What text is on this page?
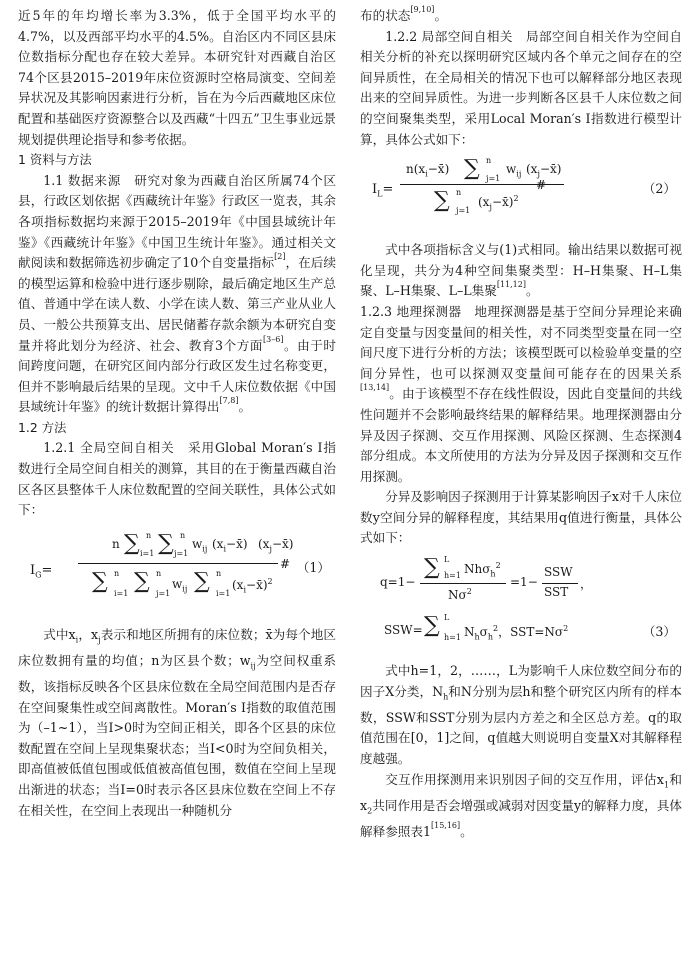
近5年的年均增长率为3.3%，低于全国平均水平的4.7%，以及西部平均水平的4.5%。自治区内不同区县床位数指标分配也存在较大差异。本研究针对西藏自治区74个区县2015–2019年床位资源时空格局演变、空间差异状况及其影响因素进行分析，旨在为今后西藏地区床位配置和基础医疗资源整合以及西藏“十四五”卫生事业远景规划提供理论指导和参考依据。

1 资料与方法

1.1 数据来源　研究对象为西藏自治区所属74个区县，行政区划依据《西藏统计年鉴》行政区一览表，其余各项指标数据均来源于2015–2019年《中国县域统计年鉴》《西藏统计年鉴》《中国卫生统计年鉴》。通过相关文献阅读和数据筛选初步确定了10个自变量指标[2]，在后续的模型运算和检验中进行逐步剔除，最后确定地区生产总值、普通中学在读人数、小学在读人数、第三产业从业人员、一般公共预算支出、居民储蓄存款余额为本研究自变量并将此划分为经济、社会、教育3个方面[3–6]。由于时间跨度问题，在研究区间内部分行政区发生过名称变更，但并不影响最后结果的呈现。文中千人床位数依据《中国县域统计年鉴》的统计数据计算得出[7,8]。

1.2 方法

1.2.1 全局空间自相关　采用Global Moran′s I指数进行全局空间自相关的测算，其目的在于衡量西藏自治区各区县整体千人床位数配置的空间关联性，具体公式如下：

$I_G=$
n ∑ n
i=1 ∑ n
j=1
$w_{ij}$ $(x_i-x̄)$ $(x_j-x̄)$
#
∑ n
i=1 ∑ n
j=1
$w_{ij}$ ∑ n
i=1
$(x_i-x̄)^2$
（1）

式中$x_i$，$x_j$表示和地区所拥有的床位数；x̄为每个地区床位数拥有量的均值；n为区县个数；$w_{ij}$为空间权重系数，该指标反映各个区县床位数在全局空间范围内是否存在空间聚集性或空间离散性。Moran′s I指数的取值范围为（–1~1），当I>0时为空间正相关，即各个区县的床位数配置在空间上呈现集聚状态；当I<0时为空间负相关，即高值被低值包围或低值被高值包围，数值在空间上呈现出渐进的状态；当I=0时表示各区县床位数在空间上不存在相关性，在空间上表现出一种随机分

布的状态[9,10]。

1.2.2 局部空间自相关　局部空间自相关作为空间自相关分析的补充以探明研究区域内各个单元之间存在的空间异质性，在全局相关的情况下也可以解释部分地区表现出来的空间异质性。为进一步判断各区县千人床位数之间的空间聚集类型，采用Local Moran′s I指数进行模型计算，具体公式如下：

$I_L=$
$n(x_i-x̄)$ ∑ n
j=1
$w_{ij}$ $(x_j-x̄)$
#
∑ n
j=1
$(x_j-x̄)^2$
（2）

式中各项指标含义与(1)式相同。输出结果以数据可视化呈现，共分为4种空间集聚类型：H–H集聚、H–L集聚、L–H集聚、L–L集聚[11,12]。

1.2.3 地理探测器　地理探测器是基于空间分异理论来确定自变量与因变量间的相关性，对不同类型变量在同一空间尺度下进行分析的方法；该模型既可以检验单变量的空间分异性，也可以探测双变量间可能存在的因果关系[13,14]。由于该模型不存在线性假设，因此自变量间的共线性问题并不会影响最终结果的解释结果。地理探测器由分异及因子探测、交互作用探测、风险区探测、生态探测4部分组成。本文所使用的方法为分异及因子探测和交互作用探测。

分异及影响因子探测用于计算某影响因子x对千人床位数y空间分异的解释程度，其结果用q值进行衡量，具体公式如下：

q=1−
∑ L
h=1 Nhσ$_h^2$
$N\sigma^2$
=1−
SSW
SST
，
SSW= ∑ L
h=1 $N_h\sigma_h^2$，$SST=N\sigma^2$	（3）

式中h=1，2，……，L为影响千人床位数空间分布的因子X分类，$N_h$和N分别为层h和整个研究区内所有的样本数，SSW和SST分别为层内方差之和全区总方差。q的取值范围在[0，1]之间，q值越大则说明自变量X对其解释程度越强。

交互作用探测用来识别因子间的交互作用，评估$x_1$和$x_2$共同作用是否会增强或减弱对因变量y的解释力度，具体解释参照表1[15,16]。
